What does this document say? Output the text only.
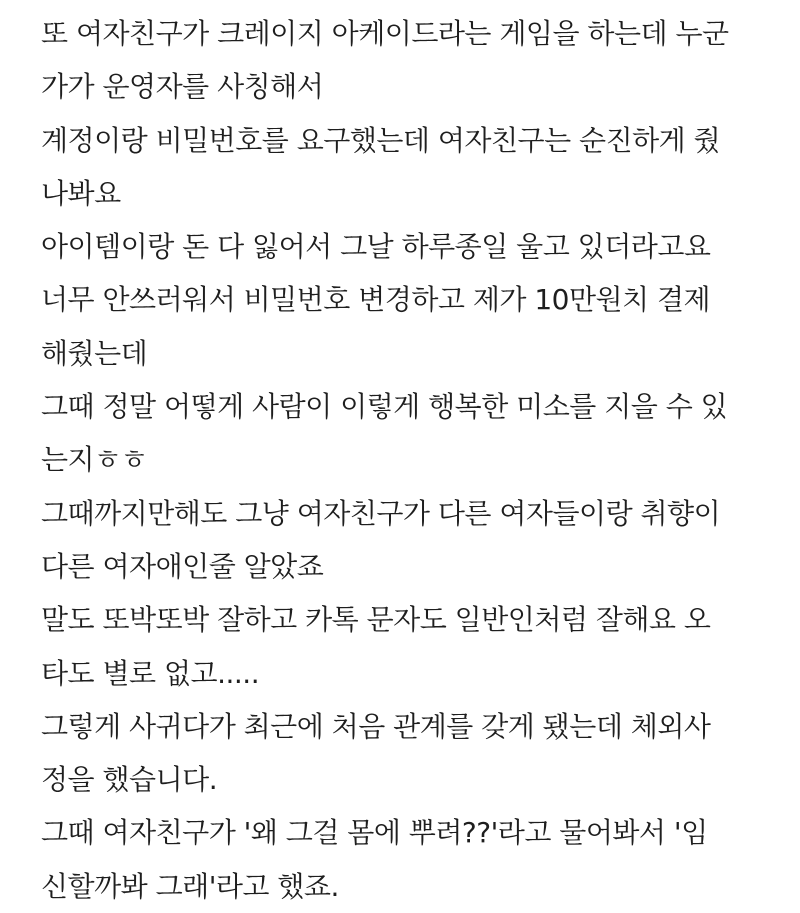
또 여자친구가 크레이지 아케이드라는 게임을 하는데 누군
가가 운영자를 사칭해서
계정이랑 비밀번호를 요구했는데 여자친구는 순진하게 줬
나봐요
아이템이랑 돈 다 잃어서 그날 하루종일 울고 있더라고요
너무 안쓰러워서 비밀번호 변경하고 제가 10만원치 결제
해줬는데
그때 정말 어떻게 사람이 이렇게 행복한 미소를 지을 수 있
는지ㅎㅎ
그때까지만해도 그냥 여자친구가 다른 여자들이랑 취향이
다른 여자애인줄 알았죠
말도 또박또박 잘하고 카톡 문자도 일반인처럼 잘해요 오
타도 별로 없고.....
그렇게 사귀다가 최근에 처음 관계를 갖게 됐는데 체외사
정을 했습니다.
그때 여자친구가 '왜 그걸 몸에 뿌려??'라고 물어봐서 '임
신할까봐 그래'라고 했죠.
